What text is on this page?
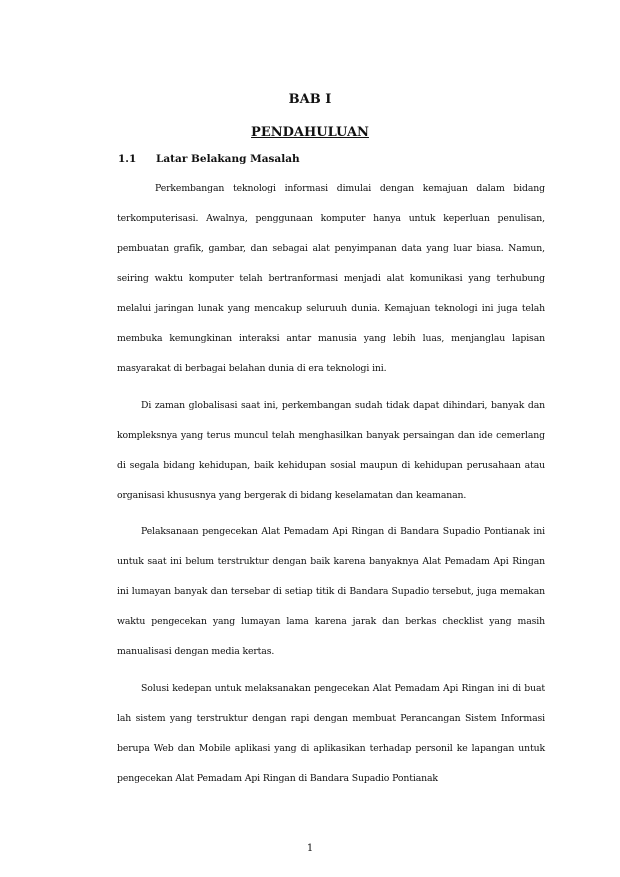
BAB I
PENDAHULUAN
1.1 Latar Belakang Masalah

Perkembangan teknologi informasi dimulai dengan kemajuan dalam bidang terkomputerisasi. Awalnya, penggunaan komputer hanya untuk keperluan penulisan, pembuatan grafik, gambar, dan sebagai alat penyimpanan data yang luar biasa. Namun, seiring waktu komputer telah bertranformasi menjadi alat komunikasi yang terhubung melalui jaringan lunak yang mencakup seluruuh dunia. Kemajuan teknologi ini juga telah membuka kemungkinan interaksi antar manusia yang lebih luas, menjanglau lapisan masyarakat di berbagai belahan dunia di era teknologi ini.

Di zaman globalisasi saat ini, perkembangan sudah tidak dapat dihindari, banyak dan kompleksnya yang terus muncul telah menghasilkan banyak persaingan dan ide cemerlang di segala bidang kehidupan, baik kehidupan sosial maupun di kehidupan perusahaan atau organisasi khususnya yang bergerak di bidang keselamatan dan keamanan.

Pelaksanaan pengecekan Alat Pemadam Api Ringan di Bandara Supadio Pontianak ini untuk saat ini belum terstruktur dengan baik karena banyaknya Alat Pemadam Api Ringan ini lumayan banyak dan tersebar di setiap titik di Bandara Supadio tersebut, juga memakan waktu pengecekan yang lumayan lama karena jarak dan berkas checklist yang masih manualisasi dengan media kertas.

Solusi kedepan untuk melaksanakan pengecekan Alat Pemadam Api Ringan ini di buat lah sistem yang terstruktur dengan rapi dengan membuat Perancangan Sistem Informasi berupa Web dan Mobile aplikasi yang di aplikasikan terhadap personil ke lapangan untuk pengecekan Alat Pemadam Api Ringan di Bandara Supadio Pontianak

1
